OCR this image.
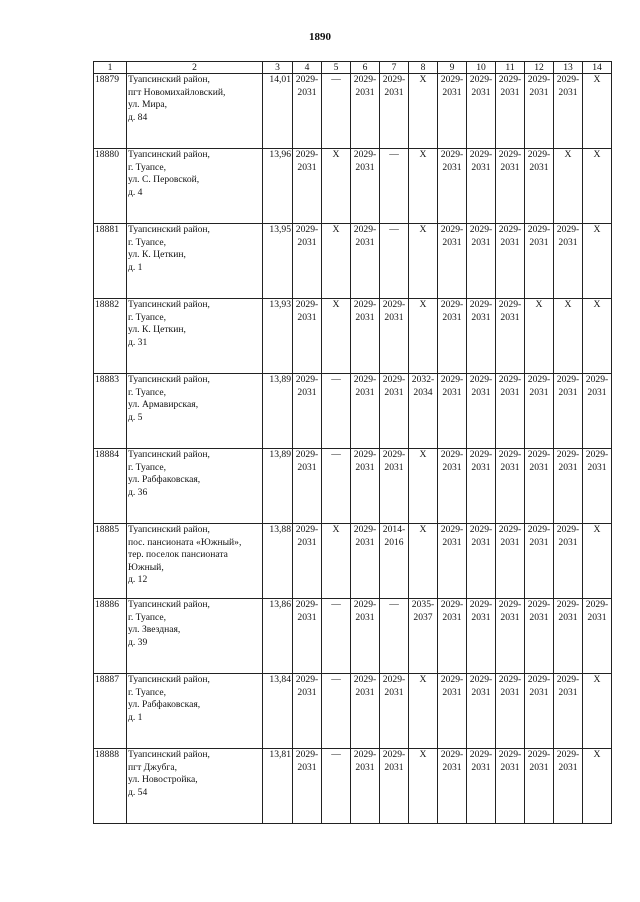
1890
1	2	3	4	5	6	7	8	9	10	11	12	13	14
18879	Туапсинский район,
пгт Новомихайловский,
ул. Мира,
д. 84	14,01	2029-
2031	—	2029-
2031	2029-
2031	X	2029-
2031	2029-
2031	2029-
2031	2029-
2031	2029-
2031	X
18880	Туапсинский район,
г. Туапсе,
ул. С. Перовской,
д. 4	13,96	2029-
2031	X	2029-
2031	—	X	2029-
2031	2029-
2031	2029-
2031	2029-
2031	X	X
18881	Туапсинский район,
г. Туапсе,
ул. К. Цеткин,
д. 1	13,95	2029-
2031	X	2029-
2031	—	X	2029-
2031	2029-
2031	2029-
2031	2029-
2031	2029-
2031	X
18882	Туапсинский район,
г. Туапсе,
ул. К. Цеткин,
д. 31	13,93	2029-
2031	X	2029-
2031	2029-
2031	X	2029-
2031	2029-
2031	2029-
2031	X	X	X
18883	Туапсинский район,
г. Туапсе,
ул. Армавирская,
д. 5	13,89	2029-
2031	—	2029-
2031	2029-
2031	2032-
2034	2029-
2031	2029-
2031	2029-
2031	2029-
2031	2029-
2031	2029-
2031
18884	Туапсинский район,
г. Туапсе,
ул. Рабфаковская,
д. 36	13,89	2029-
2031	—	2029-
2031	2029-
2031	X	2029-
2031	2029-
2031	2029-
2031	2029-
2031	2029-
2031	2029-
2031
18885	Туапсинский район,
пос. пансионата «Южный»,
тер. поселок пансионата
Южный,
д. 12	13,88	2029-
2031	X	2029-
2031	2014-
2016	X	2029-
2031	2029-
2031	2029-
2031	2029-
2031	2029-
2031	X
18886	Туапсинский район,
г. Туапсе,
ул. Звездная,
д. 39	13,86	2029-
2031	—	2029-
2031	—	2035-
2037	2029-
2031	2029-
2031	2029-
2031	2029-
2031	2029-
2031	2029-
2031
18887	Туапсинский район,
г. Туапсе,
ул. Рабфаковская,
д. 1	13,84	2029-
2031	—	2029-
2031	2029-
2031	X	2029-
2031	2029-
2031	2029-
2031	2029-
2031	2029-
2031	X
18888	Туапсинский район,
пгт Джубга,
ул. Новостройка,
д. 54	13,81	2029-
2031	—	2029-
2031	2029-
2031	X	2029-
2031	2029-
2031	2029-
2031	2029-
2031	2029-
2031	X
